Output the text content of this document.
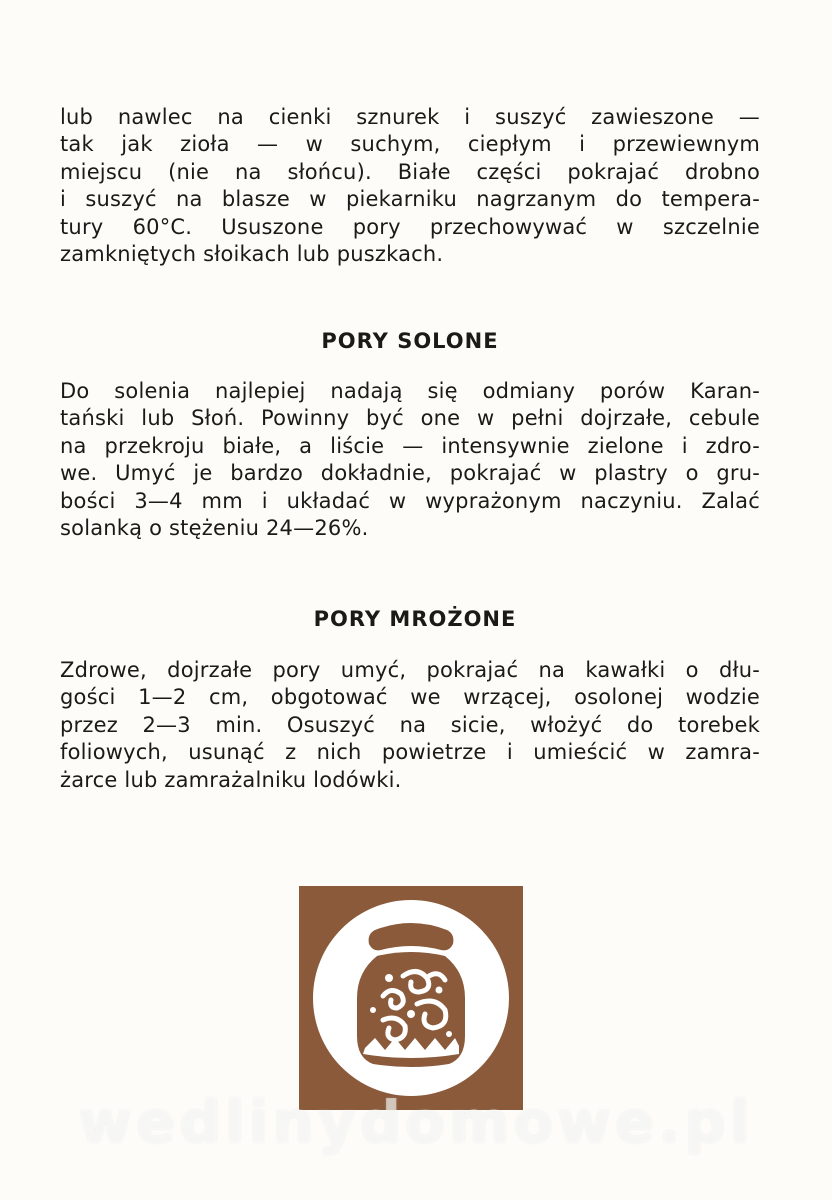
lub nawlec na cienki sznurek i suszyć zawieszone —
tak jak zioła — w suchym, ciepłym i przewiewnym
miejscu (nie na słońcu). Białe części pokrajać drobno
i suszyć na blasze w piekarniku nagrzanym do tempera-
tury 60°C. Ususzone pory przechowywać w szczelnie
zamkniętych słoikach lub puszkach.
PORY SOLONE
Do solenia najlepiej nadają się odmiany porów Karan-
tański lub Słoń. Powinny być one w pełni dojrzałe, cebule
na przekroju białe, a liście — intensywnie zielone i zdro-
we. Umyć je bardzo dokładnie, pokrajać w plastry o gru-
bości 3—4 mm i układać w wyprażonym naczyniu. Zalać
solanką o stężeniu 24—26%.
PORY MROŻONE
Zdrowe, dojrzałe pory umyć, pokrajać na kawałki o dłu-
gości 1—2 cm, obgotować we wrzącej, osolonej wodzie
przez 2—3 min. Osuszyć na sicie, włożyć do torebek
foliowych, usunąć z nich powietrze i umieścić w zamra-
żarce lub zamrażalniku lodówki.
wedlinydomowe.pl
